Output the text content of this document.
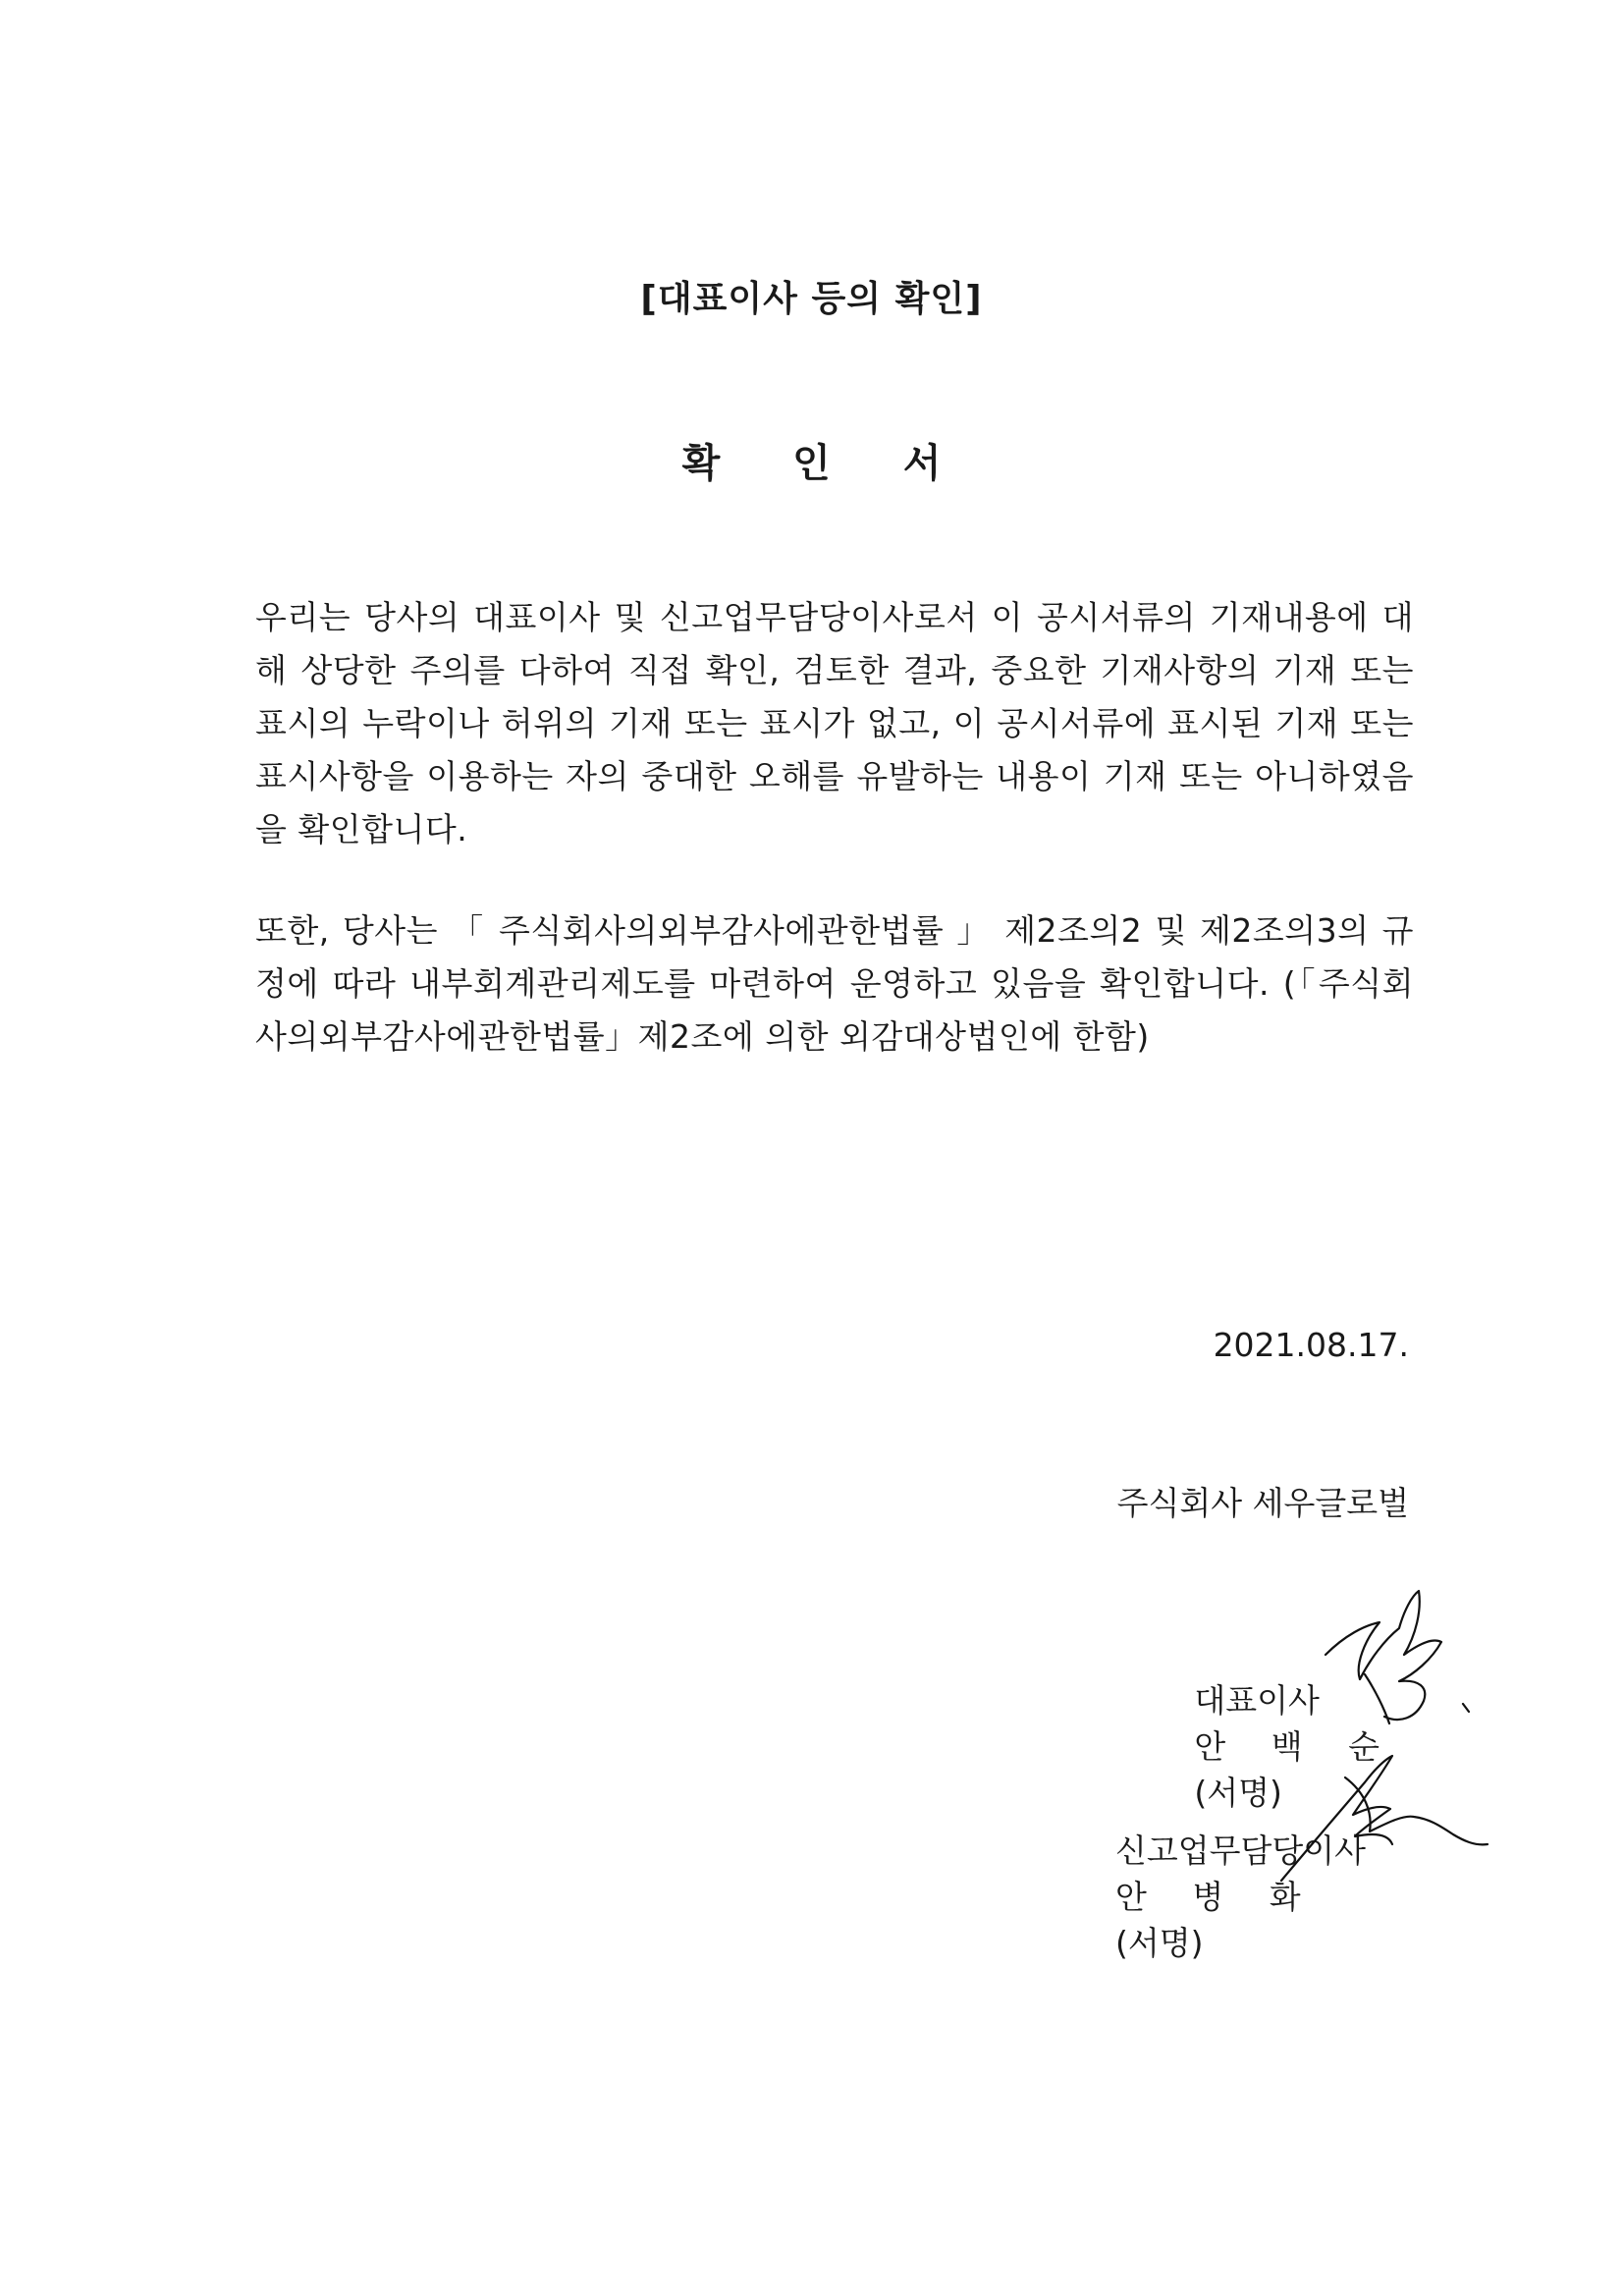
[대표이사 등의 확인]
확 인 서
우리는 당사의 대표이사 및 신고업무담당이사로서 이 공시서류의 기재내용에 대해 상당한 주의를 다하여 직접 확인, 검토한 결과, 중요한 기재사항의 기재 또는 표시의 누락이나 허위의 기재 또는 표시가 없고, 이 공시서류에 표시된 기재 또는 표시사항을 이용하는 자의 중대한 오해를 유발하는 내용이 기재 또는 아니하였음을 확인합니다.
또한, 당사는 「 주식회사의외부감사에관한법률 」 제2조의2 및 제2조의3의 규정에 따라 내부회계관리제도를 마련하여 운영하고 있음을 확인합니다. (「주식회사의외부감사에관한법률」제2조에 의한 외감대상법인에 한함)
2021.08.17.
주식회사 세우글로벌

대표이사
안 백 순
(서명)

신고업무담당이사
안 병 화
(서명)
